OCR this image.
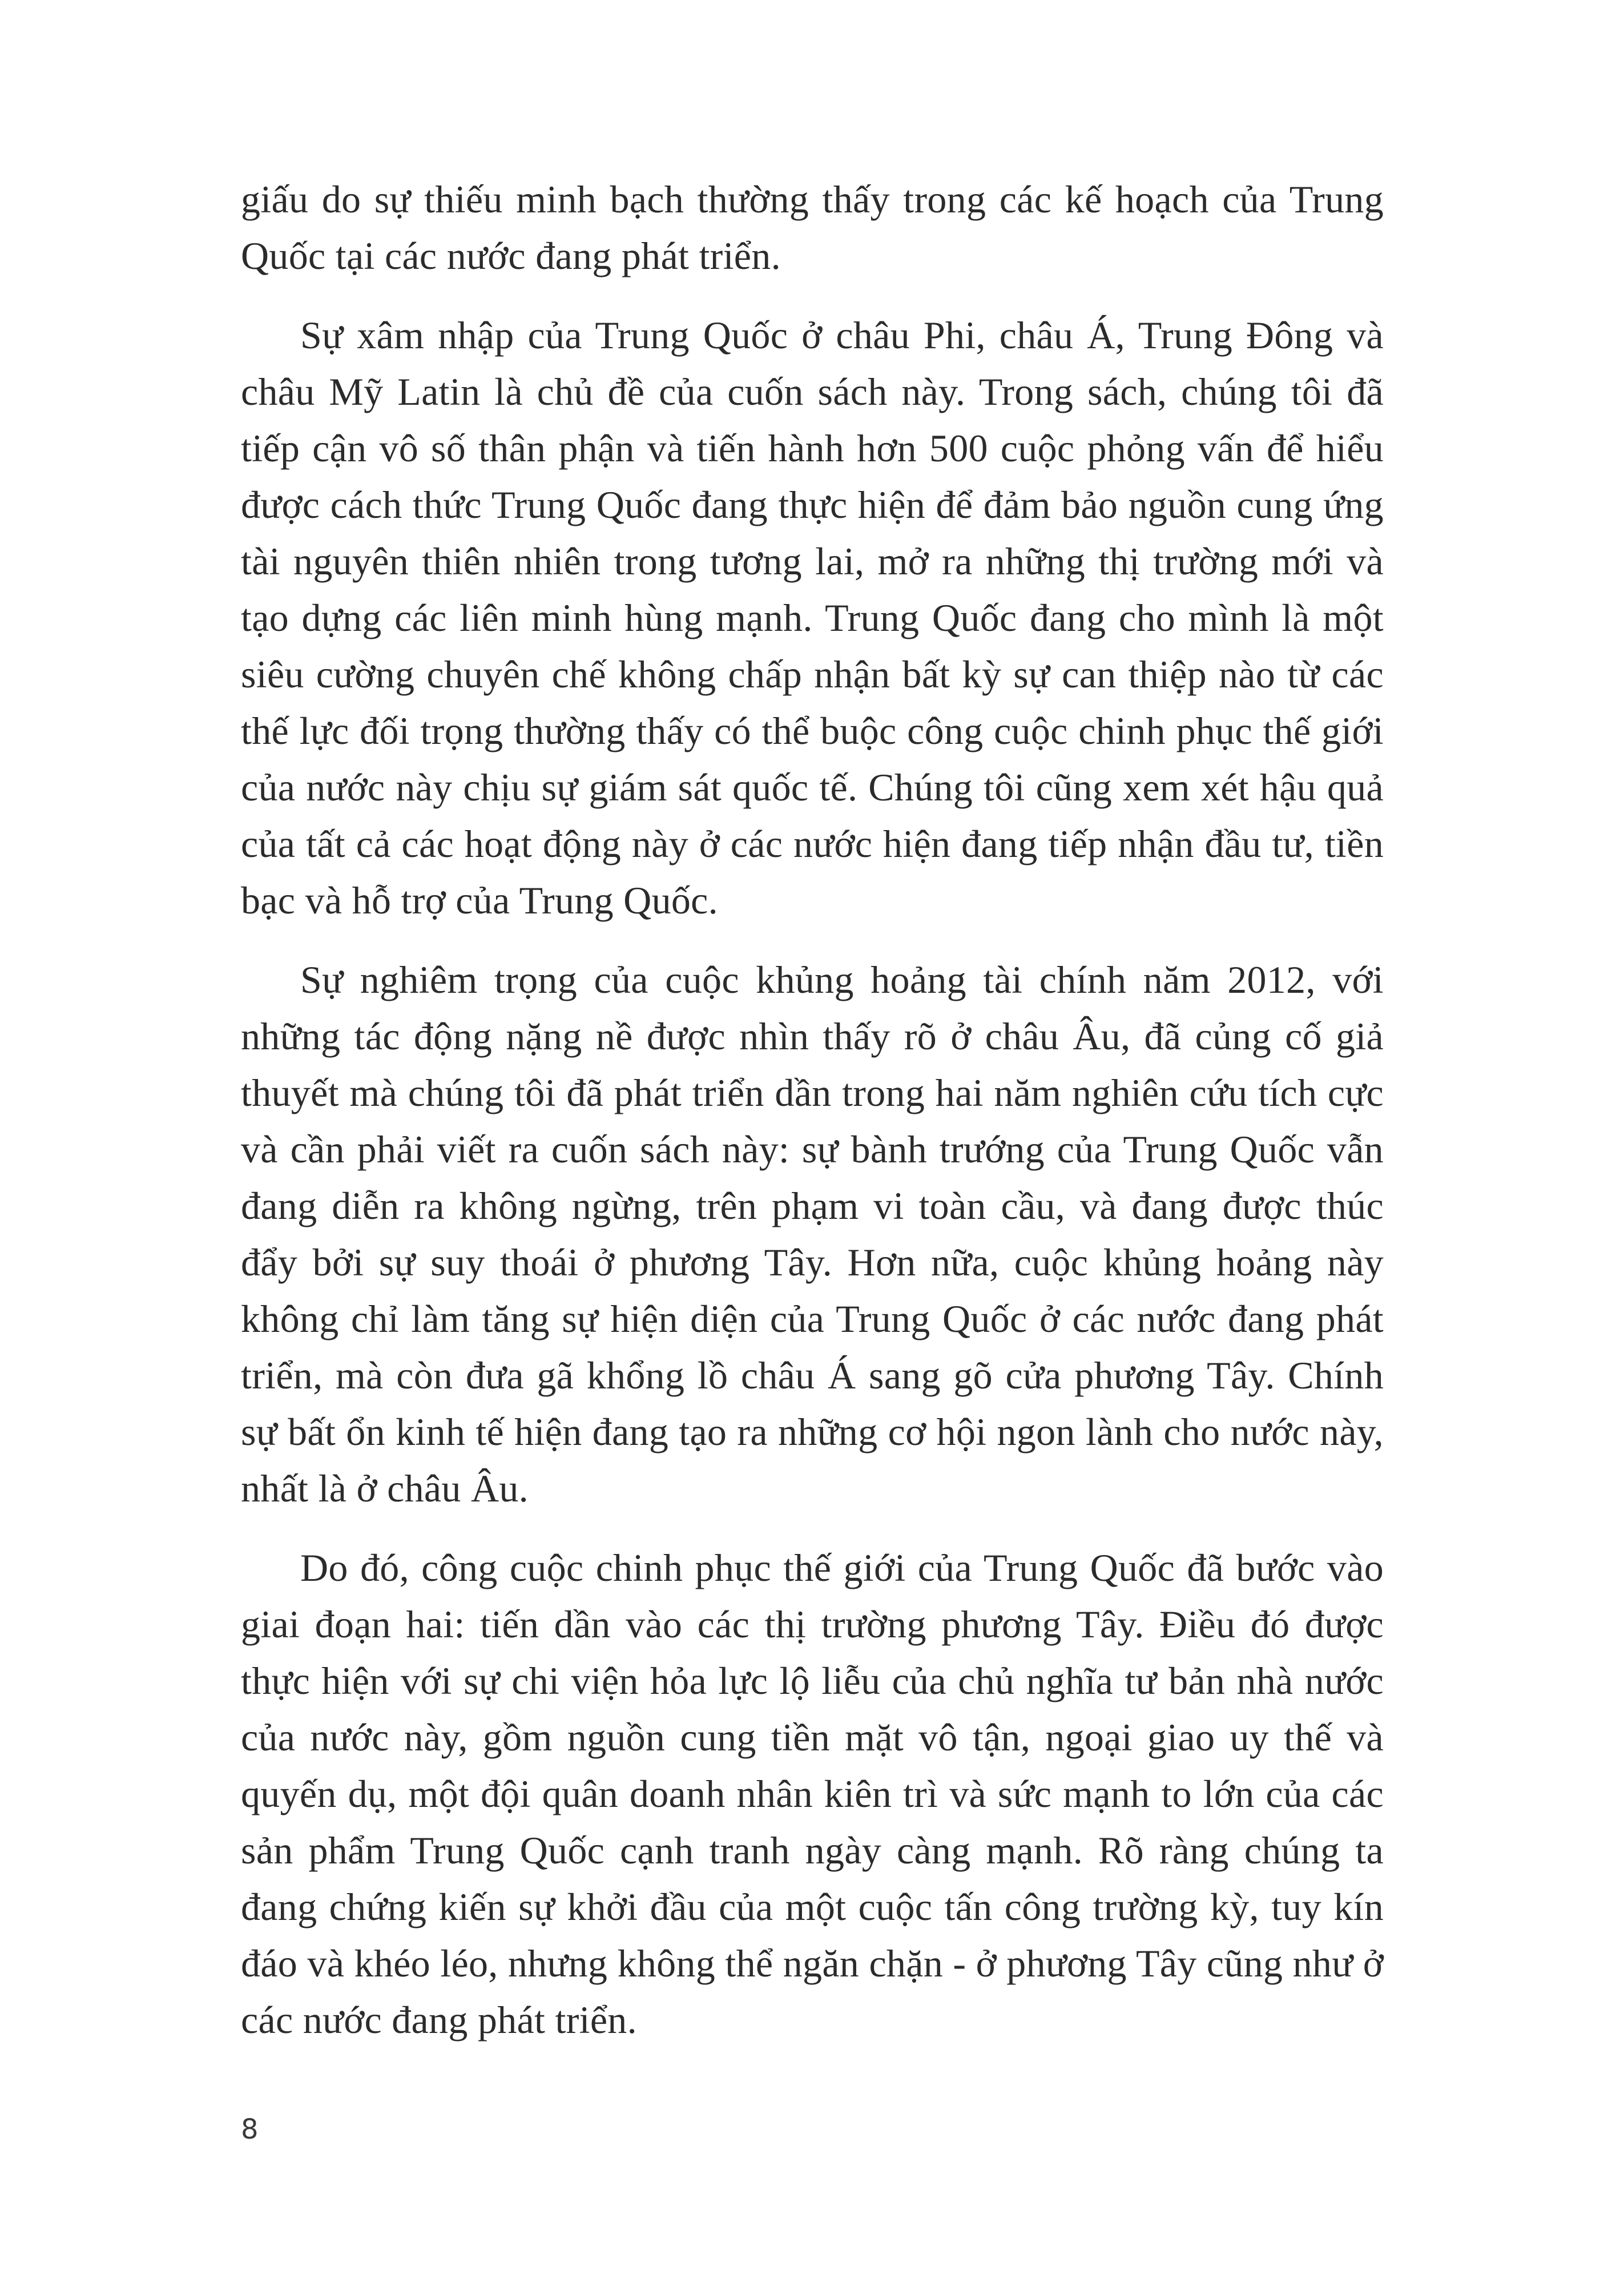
giấu do sự thiếu minh bạch thường thấy trong các kế hoạch của Trung Quốc tại các nước đang phát triển.

Sự xâm nhập của Trung Quốc ở châu Phi, châu Á, Trung Đông và châu Mỹ Latin là chủ đề của cuốn sách này. Trong sách, chúng tôi đã tiếp cận vô số thân phận và tiến hành hơn 500 cuộc phỏng vấn để hiểu được cách thức Trung Quốc đang thực hiện để đảm bảo nguồn cung ứng tài nguyên thiên nhiên trong tương lai, mở ra những thị trường mới và tạo dựng các liên minh hùng mạnh. Trung Quốc đang cho mình là một siêu cường chuyên chế không chấp nhận bất kỳ sự can thiệp nào từ các thế lực đối trọng thường thấy có thể buộc công cuộc chinh phục thế giới của nước này chịu sự giám sát quốc tế. Chúng tôi cũng xem xét hậu quả của tất cả các hoạt động này ở các nước hiện đang tiếp nhận đầu tư, tiền bạc và hỗ trợ của Trung Quốc.

Sự nghiêm trọng của cuộc khủng hoảng tài chính năm 2012, với những tác động nặng nề được nhìn thấy rõ ở châu Âu, đã củng cố giả thuyết mà chúng tôi đã phát triển dần trong hai năm nghiên cứu tích cực và cần phải viết ra cuốn sách này: sự bành trướng của Trung Quốc vẫn đang diễn ra không ngừng, trên phạm vi toàn cầu, và đang được thúc đẩy bởi sự suy thoái ở phương Tây. Hơn nữa, cuộc khủng hoảng này không chỉ làm tăng sự hiện diện của Trung Quốc ở các nước đang phát triển, mà còn đưa gã khổng lồ châu Á sang gõ cửa phương Tây. Chính sự bất ổn kinh tế hiện đang tạo ra những cơ hội ngon lành cho nước này, nhất là ở châu Âu.

Do đó, công cuộc chinh phục thế giới của Trung Quốc đã bước vào giai đoạn hai: tiến dần vào các thị trường phương Tây. Điều đó được thực hiện với sự chi viện hỏa lực lộ liễu của chủ nghĩa tư bản nhà nước của nước này, gồm nguồn cung tiền mặt vô tận, ngoại giao uy thế và quyến dụ, một đội quân doanh nhân kiên trì và sức mạnh to lớn của các sản phẩm Trung Quốc cạnh tranh ngày càng mạnh. Rõ ràng chúng ta đang chứng kiến sự khởi đầu của một cuộc tấn công trường kỳ, tuy kín đáo và khéo léo, nhưng không thể ngăn chặn - ở phương Tây cũng như ở các nước đang phát triển.

8
